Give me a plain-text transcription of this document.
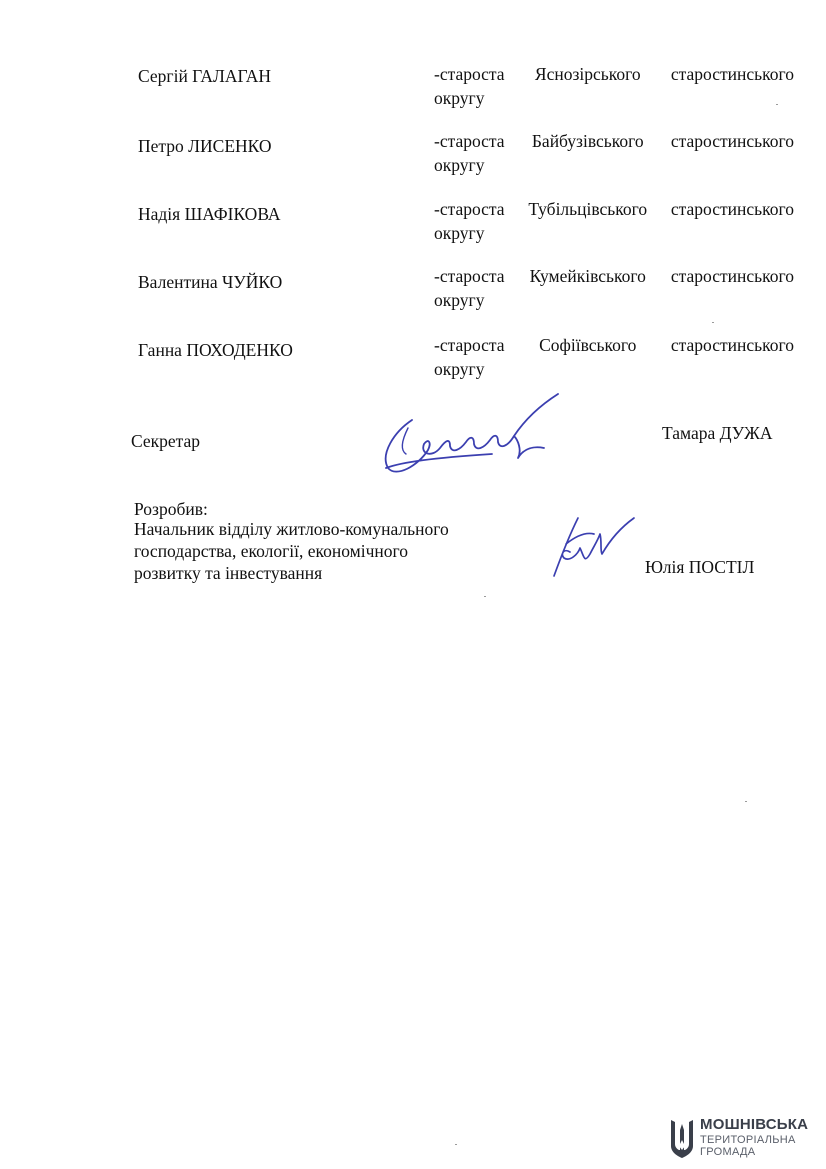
Сергій ГАЛАГАН	-староста Яснозірського старостинського
округу
Петро ЛИСЕНКО	-староста Байбузівського старостинського
округу
Надія ШАФІКОВА	-староста Тубільцівського старостинського
округу
Валентина ЧУЙКО	-староста Кумейківського старостинського
округу
Ганна ПОХОДЕНКО	-староста Софіївського старостинського
округу
Секретар	Тамара ДУЖА
Розробив:
Начальник відділу житлово-комунального
господарства, екології, економічного
розвитку та інвестування	Юлія ПОСТІЛ
МОШНІВСЬКА
ТЕРИТОРІАЛЬНА
ГРОМАДА
